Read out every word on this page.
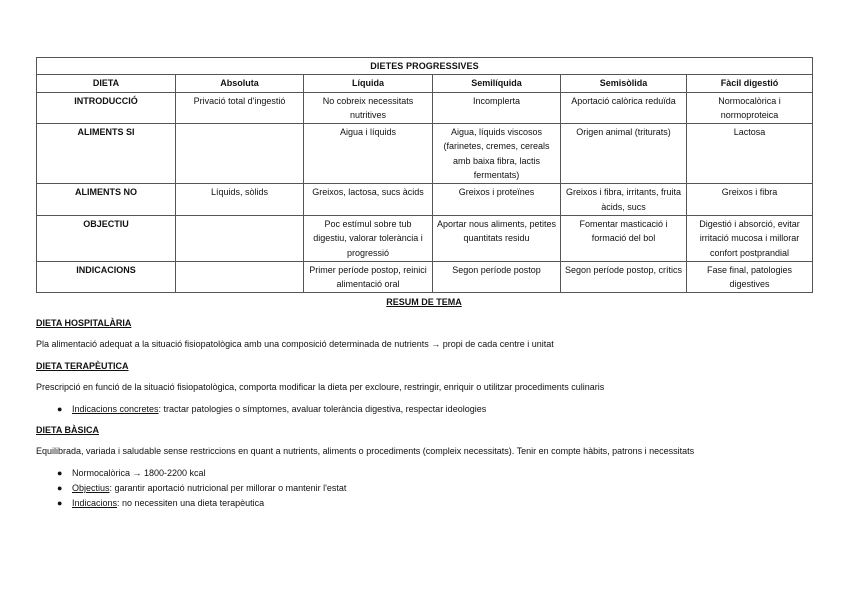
DIETES PROGRESSIVES					
DIETA	Absoluta	Líquida	Semilíquida	Semisòlida	Fàcil digestió
INTRODUCCIÓ	Privació total d'ingestió	No cobreix necessitats nutritives	Incomplerta	Aportació calòrica reduïda	Normocalòrica i normoproteica
ALIMENTS SI		Aigua i líquids	Aigua, líquids viscosos (farinetes, cremes, cereals amb baixa fibra, lactis fermentats)	Origen animal (triturats)	Lactosa
ALIMENTS NO	Líquids, sòlids	Greixos, lactosa, sucs àcids	Greixos i proteïnes	Greixos i fibra, irritants, fruita àcids, sucs	Greixos i fibra
OBJECTIU		Poc estímul sobre tub digestiu, valorar tolerància i progressió	Aportar nous aliments, petites quantitats residu	Fomentar masticació i formació del bol	Digestió i absorció, evitar irritació mucosa i millorar confort postprandial
INDICACIONS		Primer període postop, reinici alimentació oral	Segon període postop	Segon període postop, crítics	Fase final, patologies digestives
RESUM DE TEMA
DIETA HOSPITALÀRIA

Pla alimentació adequat a la situació fisiopatològica amb una composició determinada de nutrients → propi de cada centre i unitat

DIETA TERAPÈUTICA

Prescripció en funció de la situació fisiopatològica, comporta modificar la dieta per excloure, restringir, enriquir o utilitzar procediments culinaris

● Indicacions concretes: tractar patologies o símptomes, avaluar tolerància digestiva, respectar ideologies
DIETA BÀSICA

Equilibrada, variada i saludable sense restriccions en quant a nutrients, aliments o procediments (compleix necessitats). Tenir en compte hàbits, patrons i necessitats

● Normocalòrica → 1800-2200 kcal
● Objectius: garantir aportació nutricional per millorar o mantenir l'estat
● Indicacions: no necessiten una dieta terapèutica
